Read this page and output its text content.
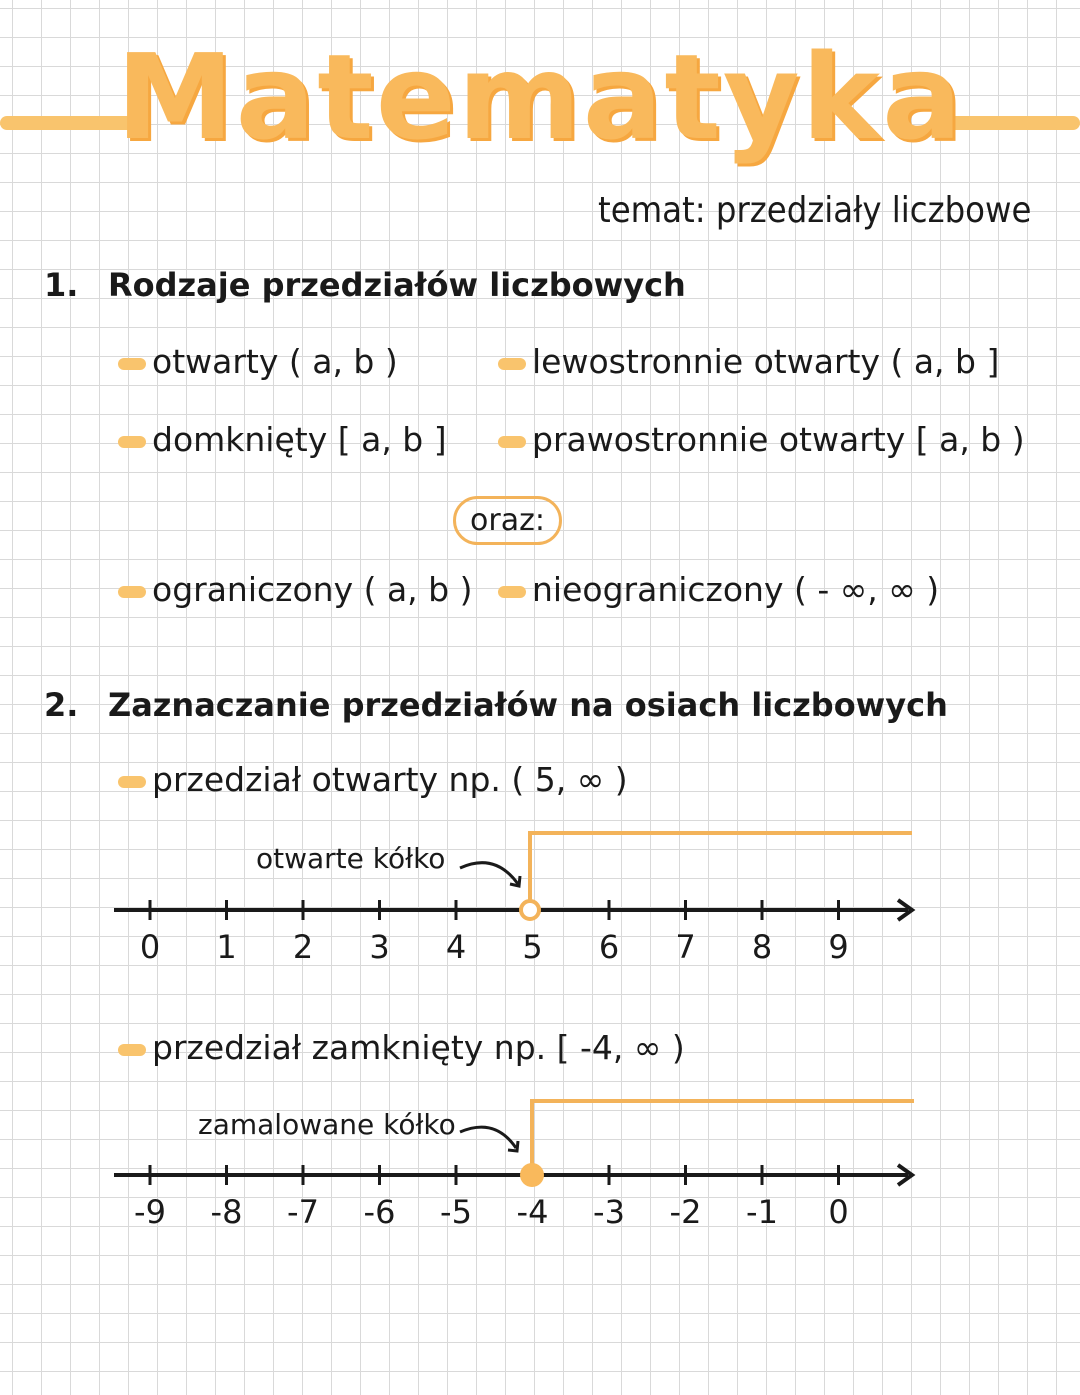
Matematyka
temat: przedziały liczbowe
1. Rodzaje przedziałów liczbowych
otwarty ( a, b )
domknięty [ a, b ]
lewostronnie otwarty ( a, b ]
prawostronnie otwarty [ a, b )
oraz:
ograniczony ( a, b )	nieograniczony ( - ∞, ∞ )
2. Zaznaczanie przedziałów na osiach liczbowych
przedział otwarty np. ( 5, ∞ )
otwarte kółko
przedział zamknięty np. [ -4, ∞ )
zamalowane kółko
0 1 2 3 4 5 6 7 8 9
-9 -8 -7 -6 -5 -4 -3 -2 -1 0
